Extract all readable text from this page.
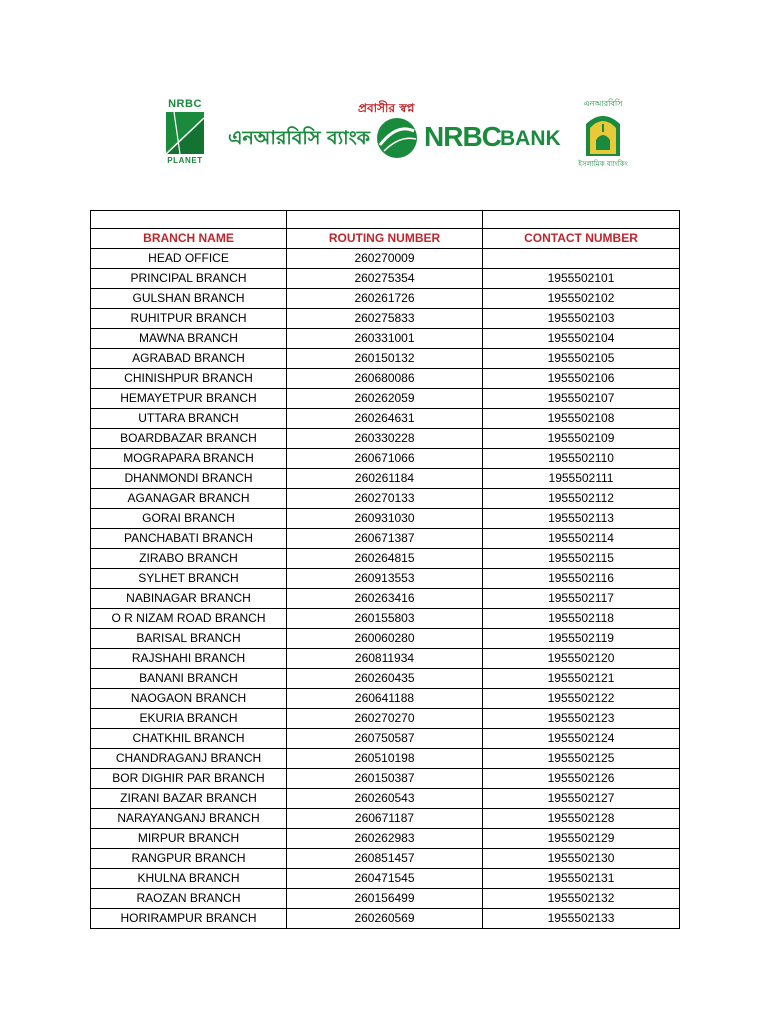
NRBC
PLANET
প্রবাসীর স্বপ্ন
এনআরবিসি ব্যাংক NRBC BANK
এনআরবিসি
ইসলামিক ব্যাংকিং

BRANCH NAME	ROUTING NUMBER	CONTACT NUMBER
HEAD OFFICE	260270009	
PRINCIPAL BRANCH	260275354	1955502101
GULSHAN BRANCH	260261726	1955502102
RUHITPUR BRANCH	260275833	1955502103
MAWNA BRANCH	260331001	1955502104
AGRABAD BRANCH	260150132	1955502105
CHINISHPUR BRANCH	260680086	1955502106
HEMAYETPUR BRANCH	260262059	1955502107
UTTARA BRANCH	260264631	1955502108
BOARDBAZAR BRANCH	260330228	1955502109
MOGRAPARA BRANCH	260671066	1955502110
DHANMONDI BRANCH	260261184	1955502111
AGANAGAR BRANCH	260270133	1955502112
GORAI BRANCH	260931030	1955502113
PANCHABATI BRANCH	260671387	1955502114
ZIRABO BRANCH	260264815	1955502115
SYLHET BRANCH	260913553	1955502116
NABINAGAR BRANCH	260263416	1955502117
O R NIZAM ROAD BRANCH	260155803	1955502118
BARISAL BRANCH	260060280	1955502119
RAJSHAHI BRANCH	260811934	1955502120
BANANI BRANCH	260260435	1955502121
NAOGAON BRANCH	260641188	1955502122
EKURIA BRANCH	260270270	1955502123
CHATKHIL BRANCH	260750587	1955502124
CHANDRAGANJ BRANCH	260510198	1955502125
BOR DIGHIR PAR BRANCH	260150387	1955502126
ZIRANI BAZAR BRANCH	260260543	1955502127
NARAYANGANJ BRANCH	260671187	1955502128
MIRPUR BRANCH	260262983	1955502129
RANGPUR BRANCH	260851457	1955502130
KHULNA BRANCH	260471545	1955502131
RAOZAN BRANCH	260156499	1955502132
HORIRAMPUR BRANCH	260260569	1955502133
